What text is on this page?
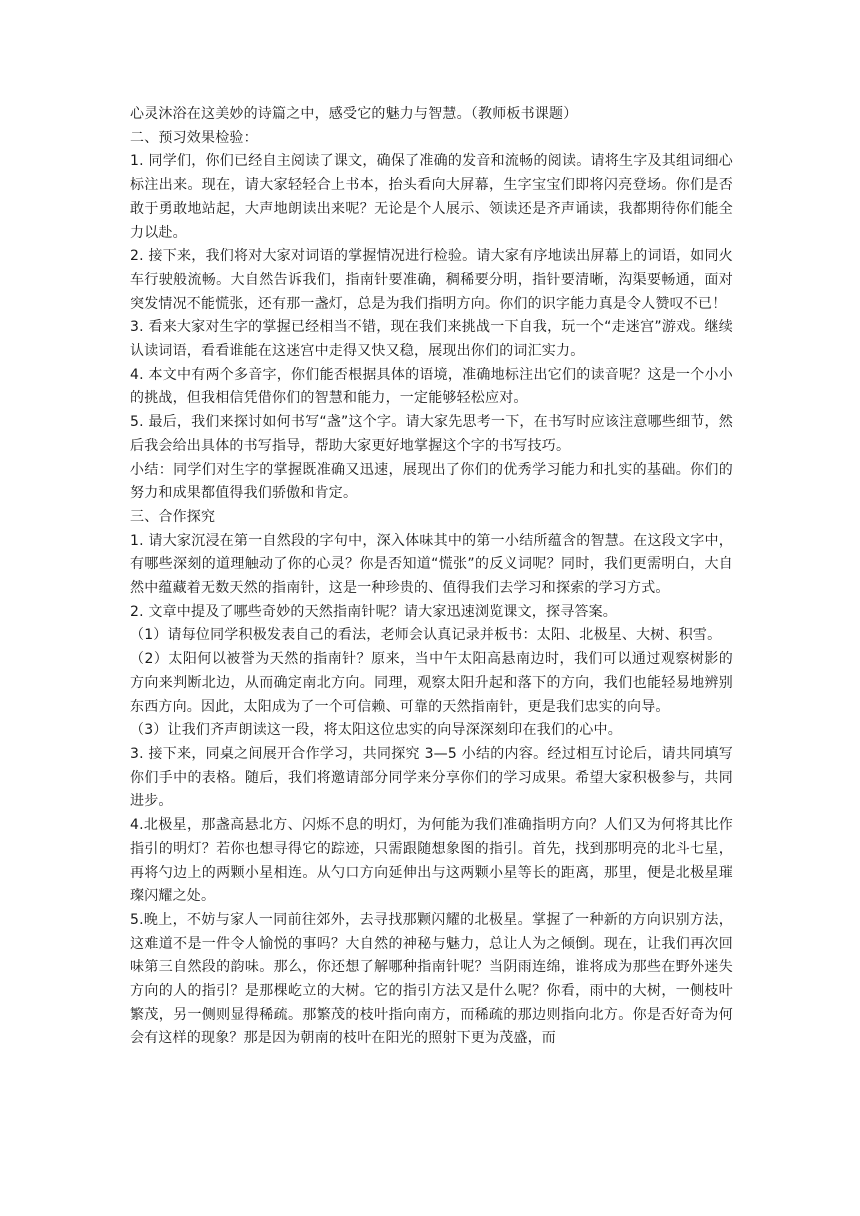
心灵沐浴在这美妙的诗篇之中，感受它的魅力与智慧。（教师板书课题）

二、预习效果检验：

1. 同学们，你们已经自主阅读了课文，确保了准确的发音和流畅的阅读。请将生字及其组词细心标注出来。现在，请大家轻轻合上书本，抬头看向大屏幕，生字宝宝们即将闪亮登场。你们是否敢于勇敢地站起，大声地朗读出来呢？无论是个人展示、领读还是齐声诵读，我都期待你们能全力以赴。

2. 接下来，我们将对大家对词语的掌握情况进行检验。请大家有序地读出屏幕上的词语，如同火车行驶般流畅。大自然告诉我们，指南针要准确，稠稀要分明，指针要清晰，沟渠要畅通，面对突发情况不能慌张，还有那一盏灯，总是为我们指明方向。你们的识字能力真是令人赞叹不已！

3. 看来大家对生字的掌握已经相当不错，现在我们来挑战一下自我，玩一个“走迷宫”游戏。继续认读词语，看看谁能在这迷宫中走得又快又稳，展现出你们的词汇实力。

4. 本文中有两个多音字，你们能否根据具体的语境，准确地标注出它们的读音呢？这是一个小小的挑战，但我相信凭借你们的智慧和能力，一定能够轻松应对。

5. 最后，我们来探讨如何书写“盏”这个字。请大家先思考一下，在书写时应该注意哪些细节，然后我会给出具体的书写指导，帮助大家更好地掌握这个字的书写技巧。

小结：同学们对生字的掌握既准确又迅速，展现出了你们的优秀学习能力和扎实的基础。你们的努力和成果都值得我们骄傲和肯定。

三、合作探究

1. 请大家沉浸在第一自然段的字句中，深入体味其中的第一小结所蕴含的智慧。在这段文字中，有哪些深刻的道理触动了你的心灵？你是否知道“慌张”的反义词呢？同时，我们更需明白，大自然中蕴藏着无数天然的指南针，这是一种珍贵的、值得我们去学习和探索的学习方式。

2. 文章中提及了哪些奇妙的天然指南针呢？请大家迅速浏览课文，探寻答案。

（1）请每位同学积极发表自己的看法，老师会认真记录并板书：太阳、北极星、大树、积雪。

（2）太阳何以被誉为天然的指南针？原来，当中午太阳高悬南边时，我们可以通过观察树影的方向来判断北边，从而确定南北方向。同理，观察太阳升起和落下的方向，我们也能轻易地辨别东西方向。因此，太阳成为了一个可信赖、可靠的天然指南针，更是我们忠实的向导。

（3）让我们齐声朗读这一段，将太阳这位忠实的向导深深刻印在我们的心中。

3. 接下来，同桌之间展开合作学习，共同探究 3—5 小结的内容。经过相互讨论后，请共同填写你们手中的表格。随后，我们将邀请部分同学来分享你们的学习成果。希望大家积极参与，共同进步。

4.北极星，那盏高悬北方、闪烁不息的明灯，为何能为我们准确指明方向？人们又为何将其比作指引的明灯？若你也想寻得它的踪迹，只需跟随想象图的指引。首先，找到那明亮的北斗七星，再将勺边上的两颗小星相连。从勺口方向延伸出与这两颗小星等长的距离，那里，便是北极星璀璨闪耀之处。

5.晚上，不妨与家人一同前往郊外，去寻找那颗闪耀的北极星。掌握了一种新的方向识别方法，这难道不是一件令人愉悦的事吗？大自然的神秘与魅力，总让人为之倾倒。现在，让我们再次回味第三自然段的韵味。那么，你还想了解哪种指南针呢？当阴雨连绵，谁将成为那些在野外迷失方向的人的指引？是那棵屹立的大树。它的指引方法又是什么呢？你看，雨中的大树，一侧枝叶繁茂，另一侧则显得稀疏。那繁茂的枝叶指向南方，而稀疏的那边则指向北方。你是否好奇为何会有这样的现象？那是因为朝南的枝叶在阳光的照射下更为茂盛，而
